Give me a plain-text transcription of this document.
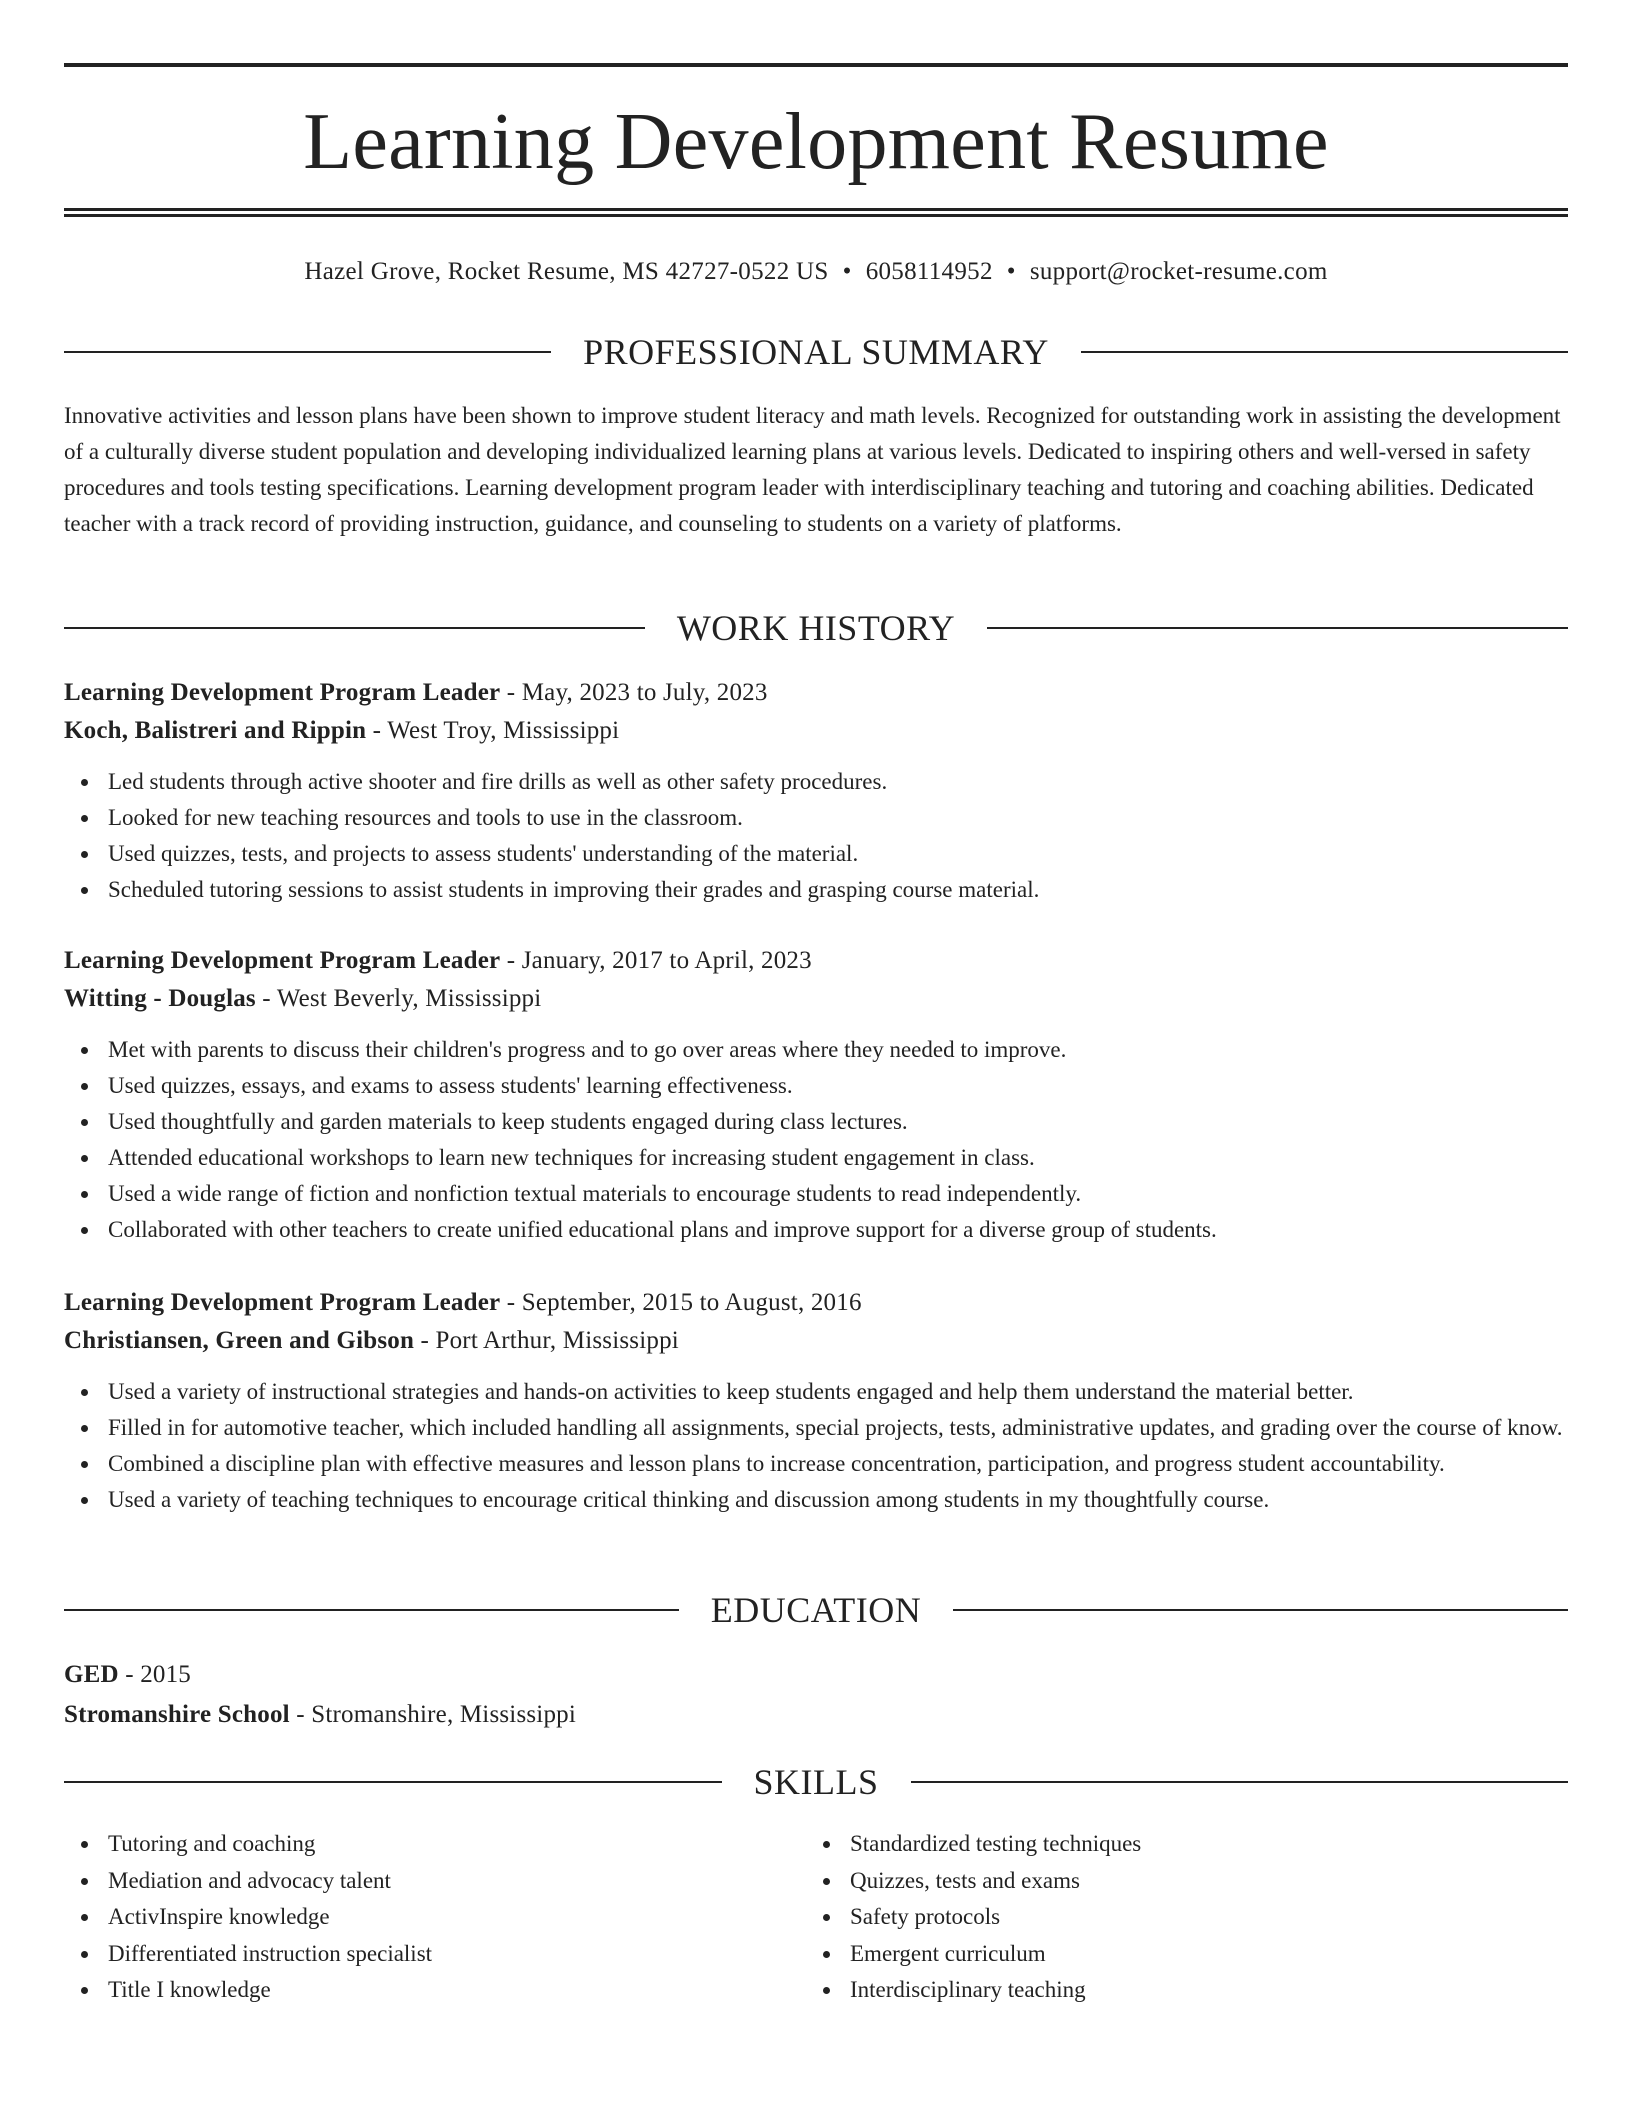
Learning Development Resume
Hazel Grove, Rocket Resume, MS 42727-0522 US • 6058114952 • support@rocket-resume.com
PROFESSIONAL SUMMARY

Innovative activities and lesson plans have been shown to improve student literacy and math levels. Recognized for outstanding work in assisting the development of a culturally diverse student population and developing individualized learning plans at various levels. Dedicated to inspiring others and well-versed in safety procedures and tools testing specifications. Learning development program leader with interdisciplinary teaching and tutoring and coaching abilities. Dedicated teacher with a track record of providing instruction, guidance, and counseling to students on a variety of platforms.

WORK HISTORY
Learning Development Program Leader - May, 2023 to July, 2023
Koch, Balistreri and Rippin - West Troy, Mississippi
Led students through active shooter and fire drills as well as other safety procedures.
Looked for new teaching resources and tools to use in the classroom.
Used quizzes, tests, and projects to assess students' understanding of the material.
Scheduled tutoring sessions to assist students in improving their grades and grasping course material.
Learning Development Program Leader - January, 2017 to April, 2023
Witting - Douglas - West Beverly, Mississippi
Met with parents to discuss their children's progress and to go over areas where they needed to improve.
Used quizzes, essays, and exams to assess students' learning effectiveness.
Used thoughtfully and garden materials to keep students engaged during class lectures.
Attended educational workshops to learn new techniques for increasing student engagement in class.
Used a wide range of fiction and nonfiction textual materials to encourage students to read independently.
Collaborated with other teachers to create unified educational plans and improve support for a diverse group of students.
Learning Development Program Leader - September, 2015 to August, 2016
Christiansen, Green and Gibson - Port Arthur, Mississippi
Used a variety of instructional strategies and hands-on activities to keep students engaged and help them understand the material better.
Filled in for automotive teacher, which included handling all assignments, special projects, tests, administrative updates, and grading over the course of know.
Combined a discipline plan with effective measures and lesson plans to increase concentration, participation, and progress student accountability.
Used a variety of teaching techniques to encourage critical thinking and discussion among students in my thoughtfully course.
EDUCATION
GED - 2015
Stromanshire School - Stromanshire, Mississippi
SKILLS
Tutoring and coaching
Mediation and advocacy talent
ActivInspire knowledge
Differentiated instruction specialist
Title I knowledge
Standardized testing techniques
Quizzes, tests and exams
Safety protocols
Emergent curriculum
Interdisciplinary teaching
